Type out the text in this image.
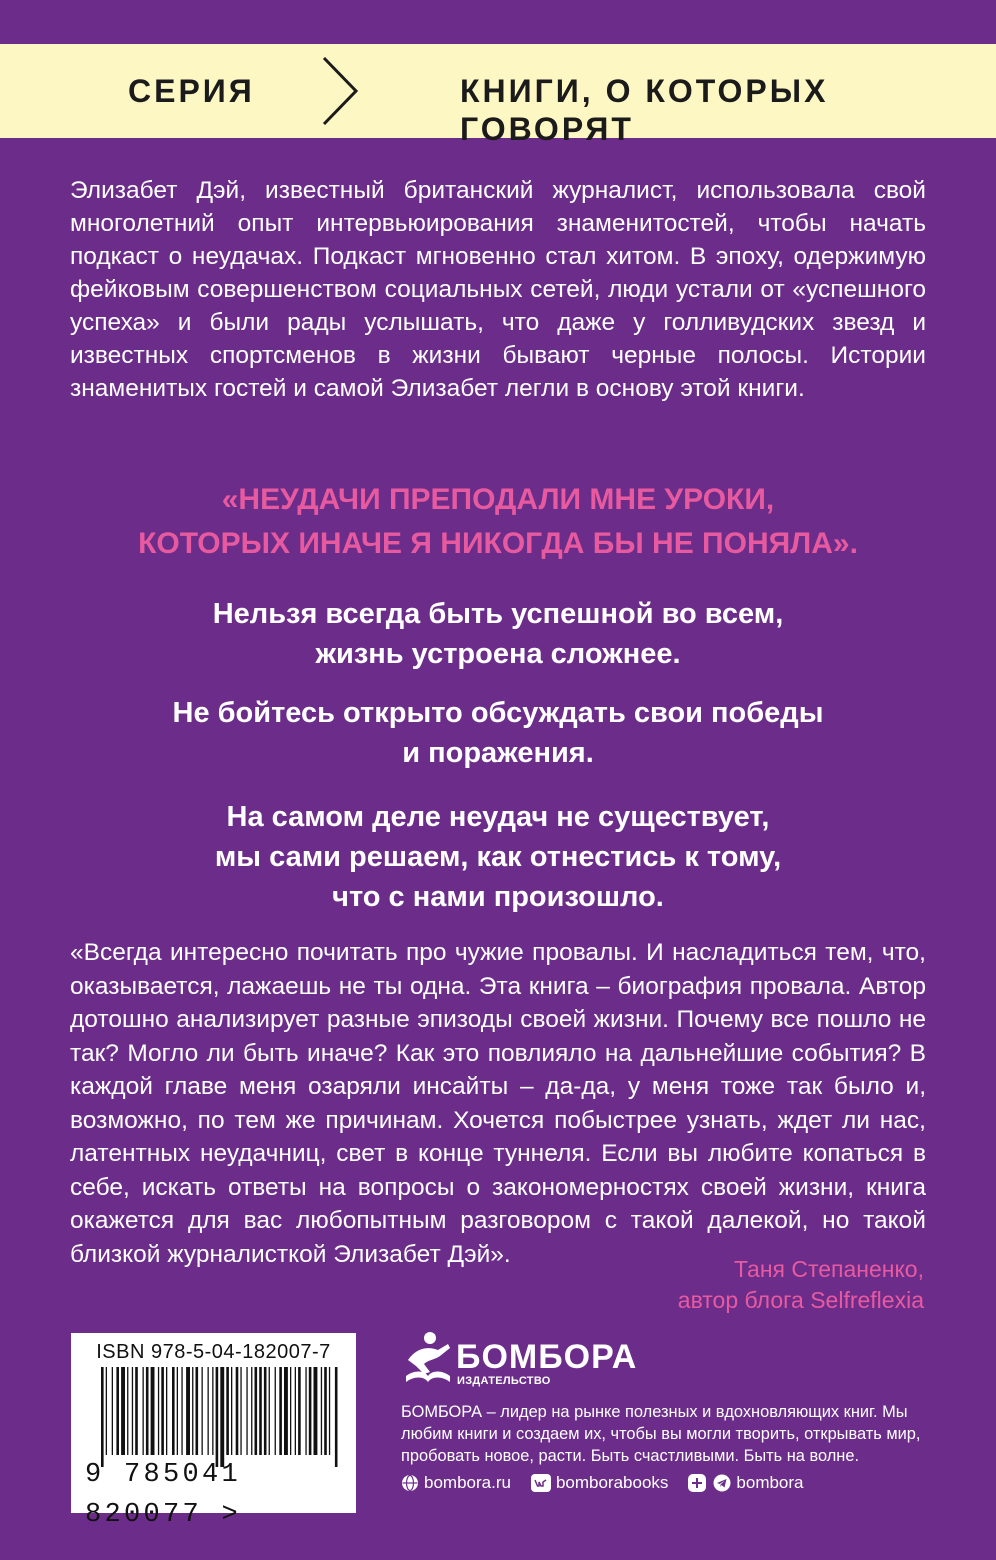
СЕРИЯ	КНИГИ, О КОТОРЫХ ГОВОРЯТ

Элизабет Дэй, известный британский журналист, использовала свой многолетний опыт интервьюирования знаменитостей, чтобы начать подкаст о неудачах. Подкаст мгновенно стал хитом. В эпоху, одержимую фейковым совершенством социальных сетей, люди устали от «успешного успеха» и были рады услышать, что даже у голливудских звезд и известных спортсменов в жизни бывают черные полосы. Истории знаменитых гостей и самой Элизабет легли в основу этой книги.

«НЕУДАЧИ ПРЕПОДАЛИ МНЕ УРОКИ,
КОТОРЫХ ИНАЧЕ Я НИКОГДА БЫ НЕ ПОНЯЛА».
Нельзя всегда быть успешной во всем,
жизнь устроена сложнее.
Не бойтесь открыто обсуждать свои победы
и поражения.
На самом деле неудач не существует,
мы сами решаем, как отнестись к тому,
что с нами произошло.

«Всегда интересно почитать про чужие провалы. И насладиться тем, что, оказывается, лажаешь не ты одна. Эта книга – биография провала. Автор дотошно анализирует разные эпизоды своей жизни. Почему все пошло не так? Могло ли быть иначе? Как это повлияло на дальнейшие события? В каждой главе меня озаряли инсайты – да-да, у меня тоже так было и, возможно, по тем же причинам. Хочется побыстрее узнать, ждет ли нас, латентных неудачниц, свет в конце туннеля. Если вы любите копаться в себе, искать ответы на вопросы о закономерностях своей жизни, книга окажется для вас любопытным разговором с такой далекой, но такой близкой журналисткой Элизабет Дэй».

Таня Степаненко,
автор блога Selfreflexia
ISBN 978-5-04-182007-7
9 785041 820077 >
БОМБОРА
ИЗДАТЕЛЬСТВО

БОМБОРА – лидер на рынке полезных и вдохновляющих книг. Мы любим книги и создаем их, чтобы вы могли творить, открывать мир, пробовать новое, расти. Быть счастливыми. Быть на волне.

bombora.ru	bomborabooks	bombora
